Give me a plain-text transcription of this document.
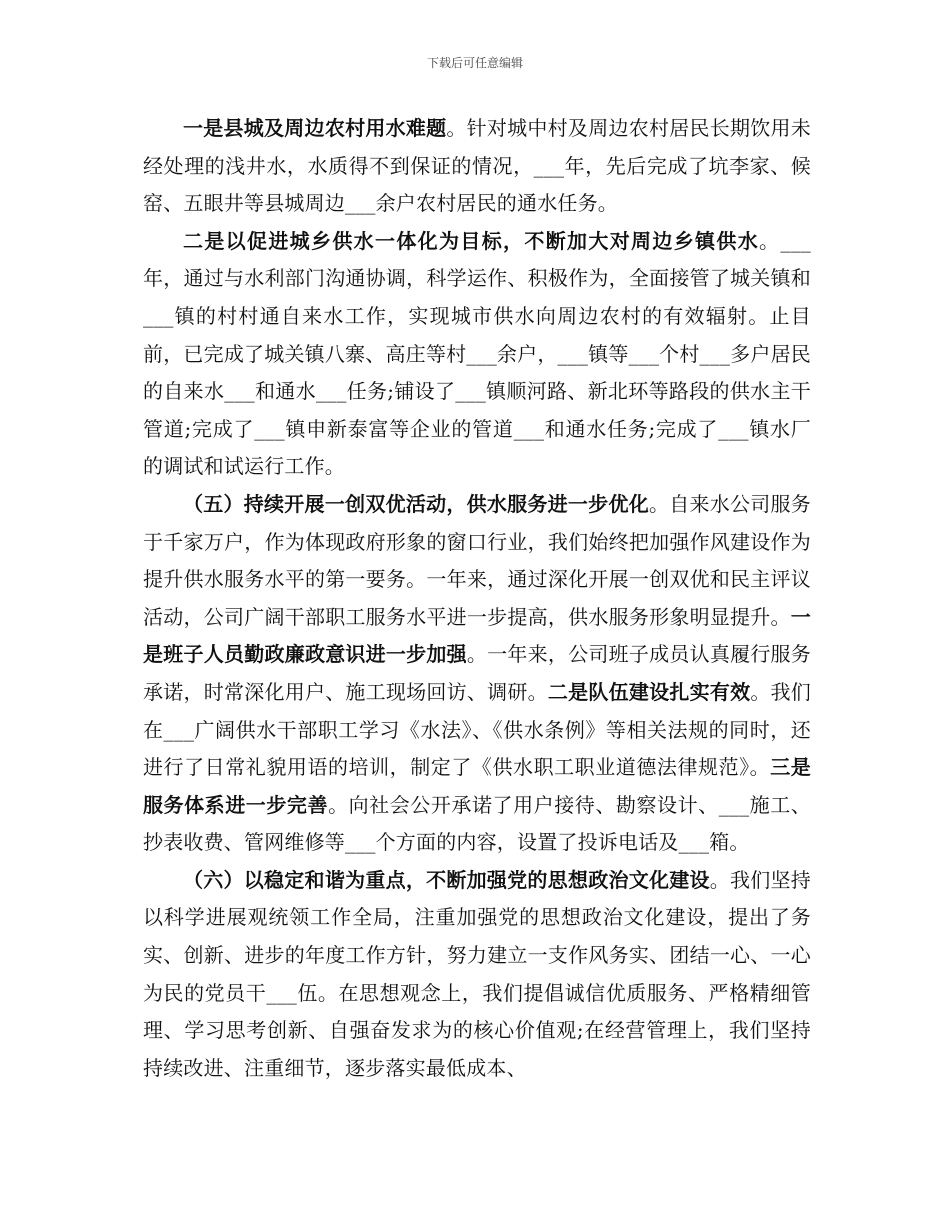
下载后可任意编辑

一是县城及周边农村用水难题。针对城中村及周边农村居民长期饮用未经处理的浅井水，水质得不到保证的情况，___年，先后完成了坑李家、候窑、五眼井等县城周边___余户农村居民的通水任务。

二是以促进城乡供水一体化为目标，不断加大对周边乡镇供水。___年，通过与水利部门沟通协调，科学运作、积极作为，全面接管了城关镇和___镇的村村通自来水工作，实现城市供水向周边农村的有效辐射。止目前，已完成了城关镇八寨、高庄等村___余户，___镇等___个村___多户居民的自来水___和通水___任务;铺设了___镇顺河路、新北环等路段的供水主干管道;完成了___镇申新泰富等企业的管道___和通水任务;完成了___镇水厂的调试和试运行工作。

（五）持续开展一创双优活动，供水服务进一步优化。自来水公司服务于千家万户，作为体现政府形象的窗口行业，我们始终把加强作风建设作为提升供水服务水平的第一要务。一年来，通过深化开展一创双优和民主评议活动，公司广阔干部职工服务水平进一步提高，供水服务形象明显提升。一是班子人员勤政廉政意识进一步加强。一年来，公司班子成员认真履行服务承诺，时常深化用户、施工现场回访、调研。二是队伍建设扎实有效。我们在___广阔供水干部职工学习《水法》、《供水条例》等相关法规的同时，还进行了日常礼貌用语的培训，制定了《供水职工职业道德法律规范》。三是服务体系进一步完善。向社会公开承诺了用户接待、勘察设计、___施工、抄表收费、管网维修等___个方面的内容，设置了投诉电话及___箱。

（六）以稳定和谐为重点，不断加强党的思想政治文化建设。我们坚持以科学进展观统领工作全局，注重加强党的思想政治文化建设，提出了务实、创新、进步的年度工作方针，努力建立一支作风务实、团结一心、一心为民的党员干___伍。在思想观念上，我们提倡诚信优质服务、严格精细管理、学习思考创新、自强奋发求为的核心价值观;在经营管理上，我们坚持持续改进、注重细节，逐步落实最低成本、
